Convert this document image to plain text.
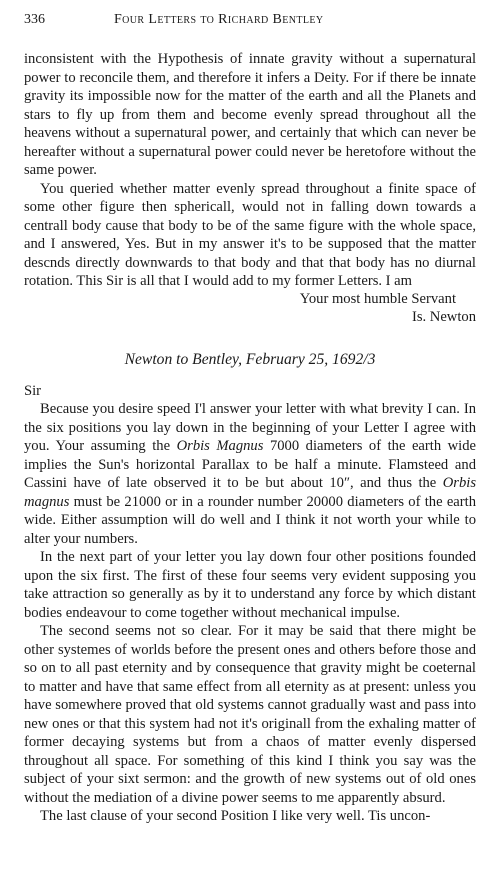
336	Four Letters to Richard Bentley

inconsistent with the Hypothesis of innate gravity without a supernatural power to reconcile them, and therefore it infers a Deity. For if there be innate gravity its impossible now for the matter of the earth and all the Planets and stars to fly up from them and become evenly spread throughout all the heavens without a supernatural power, and certainly that which can never be hereafter without a supernatural power could never be heretofore without the same power.

You queried whether matter evenly spread throughout a finite space of some other figure then sphericall, would not in falling down towards a centrall body cause that body to be of the same figure with the whole space, and I answered, Yes. But in my answer it's to be supposed that the matter descnds directly downwards to that body and that that body has no diurnal rotation. This Sir is all that I would add to my former Letters. I am

Your most humble Servant
Is. Newton
Newton to Bentley, February 25, 1692/3

Sir

Because you desire speed I'l answer your letter with what brevity I can. In the six positions you lay down in the beginning of your Letter I agree with you. Your assuming the Orbis Magnus 7000 diameters of the earth wide implies the Sun's horizontal Parallax to be half a minute. Flamsteed and Cassini have of late observed it to be but about 10″, and thus the Orbis magnus must be 21000 or in a rounder number 20000 diameters of the earth wide. Either assumption will do well and I think it not worth your while to alter your numbers.

In the next part of your letter you lay down four other positions founded upon the six first. The first of these four seems very evident supposing you take attraction so generally as by it to understand any force by which distant bodies endeavour to come together without mechanical impulse.

The second seems not so clear. For it may be said that there might be other systemes of worlds before the present ones and others before those and so on to all past eternity and by consequence that gravity might be coeternal to matter and have that same effect from all eternity as at present: unless you have somewhere proved that old systems cannot gradually wast and pass into new ones or that this system had not it's originall from the exhaling matter of former decaying systems but from a chaos of matter evenly dispersed throughout all space. For something of this kind I think you say was the subject of your sixt sermon: and the growth of new systems out of old ones without the mediation of a divine power seems to me apparently absurd.

The last clause of your second Position I like very well. Tis uncon-
